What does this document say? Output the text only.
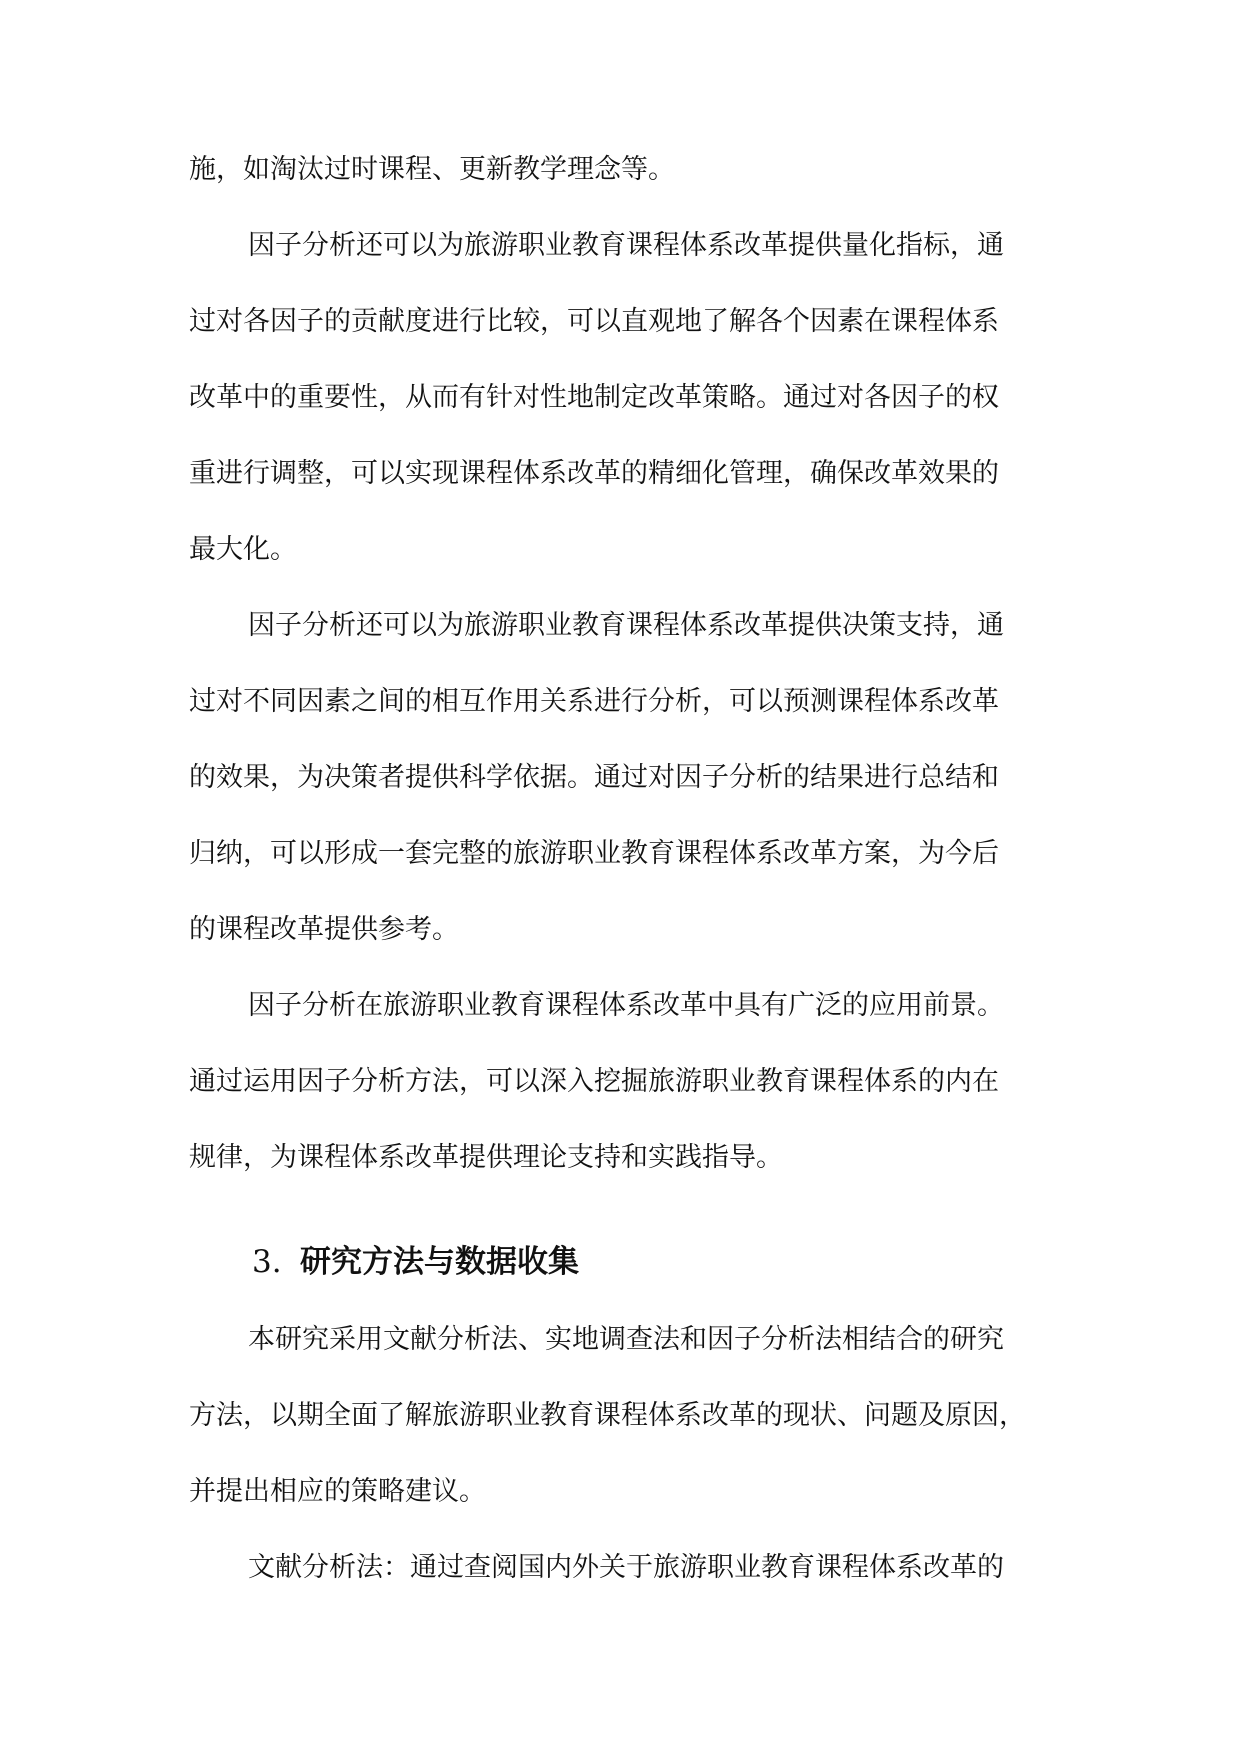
施，如淘汰过时课程、更新教学理念等。

因子分析还可以为旅游职业教育课程体系改革提供量化指标，通

过对各因子的贡献度进行比较，可以直观地了解各个因素在课程体系

改革中的重要性，从而有针对性地制定改革策略。通过对各因子的权

重进行调整，可以实现课程体系改革的精细化管理，确保改革效果的

最大化。

因子分析还可以为旅游职业教育课程体系改革提供决策支持，通

过对不同因素之间的相互作用关系进行分析，可以预测课程体系改革

的效果，为决策者提供科学依据。通过对因子分析的结果进行总结和

归纳，可以形成一套完整的旅游职业教育课程体系改革方案，为今后

的课程改革提供参考。

因子分析在旅游职业教育课程体系改革中具有广泛的应用前景。

通过运用因子分析方法，可以深入挖掘旅游职业教育课程体系的内在

规律，为课程体系改革提供理论支持和实践指导。

3. 研究方法与数据收集

本研究采用文献分析法、实地调查法和因子分析法相结合的研究

方法，以期全面了解旅游职业教育课程体系改革的现状、问题及原因，

并提出相应的策略建议。

文献分析法：通过查阅国内外关于旅游职业教育课程体系改革的
